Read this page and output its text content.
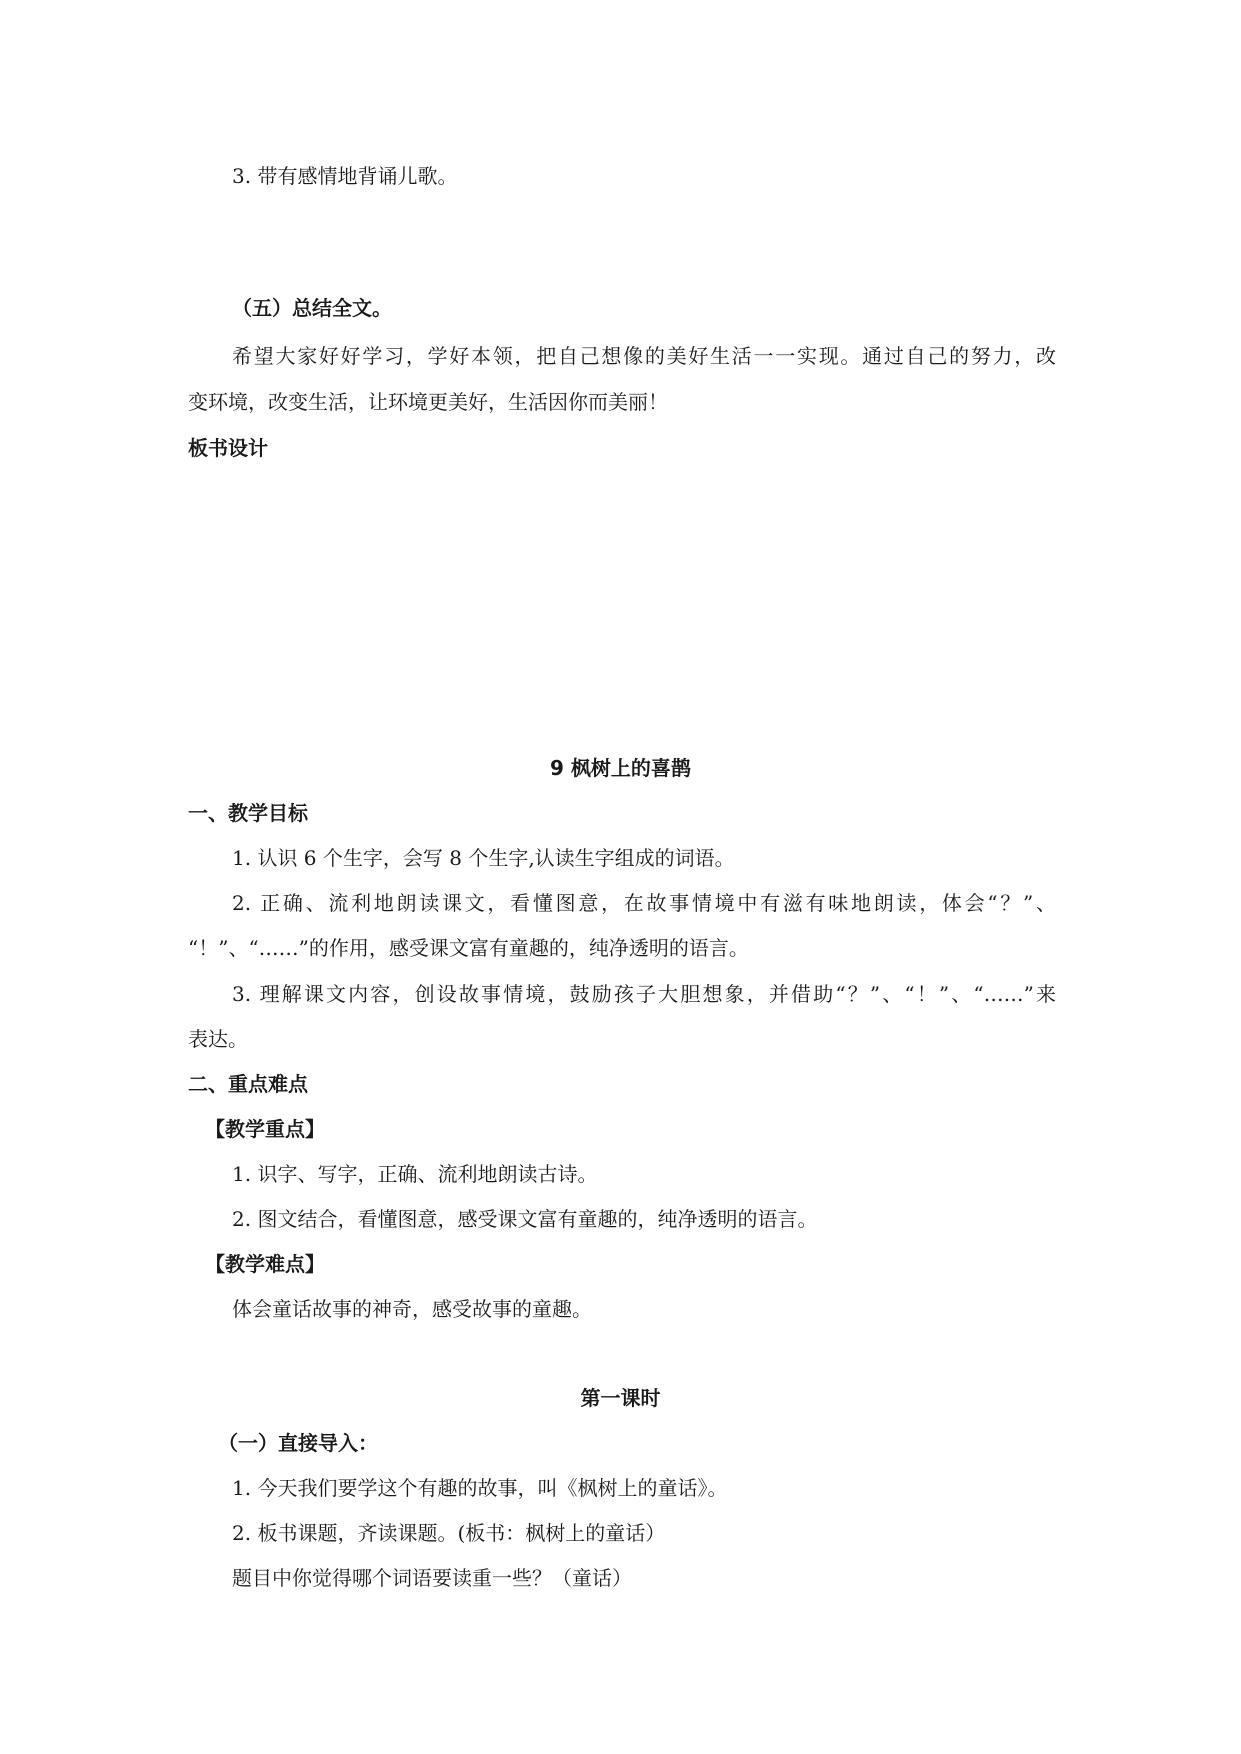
3. 带有感情地背诵儿歌。
（五）总结全文。
希望大家好好学习，学好本领，把自己想像的美好生活一一实现。通过自己的努力，改
变环境，改变生活，让环境更美好，生活因你而美丽！
板书设计
9 枫树上的喜鹊
一、教学目标
1. 认识 6 个生字，会写 8 个生字,认读生字组成的词语。
2. 正确、流利地朗读课文，看懂图意，在故事情境中有滋有味地朗读，体会“？”、
“！”、“……”的作用，感受课文富有童趣的，纯净透明的语言。
3. 理解课文内容，创设故事情境，鼓励孩子大胆想象，并借助“？”、“！”、“……”来
表达。
二、重点难点
【教学重点】
1. 识字、写字，正确、流利地朗读古诗。
2. 图文结合，看懂图意，感受课文富有童趣的，纯净透明的语言。
【教学难点】
体会童话故事的神奇，感受故事的童趣。
第一课时
（一）直接导入：
1. 今天我们要学这个有趣的故事，叫《枫树上的童话》。
2. 板书课题，齐读课题。(板书：枫树上的童话）
题目中你觉得哪个词语要读重一些？（童话）
